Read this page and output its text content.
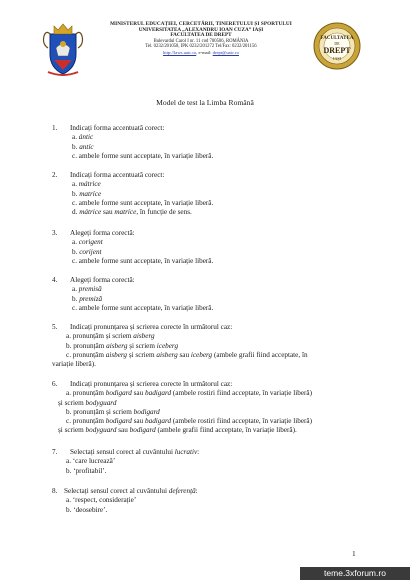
MINISTERUL EDUCAȚIEI, CERCETĂRII, TINERETULUI ȘI SPORTULUI
UNIVERSITATEA „ALEXANDRU IOAN CUZA” IAȘI
FACULTATEA DE DREPT
Bulevardul Carol I nr. 11 cod 700506, ROMÂNIA
Tel. 0232/201058, IPK 0232/201272 Tel/Fax: 0232/201156
http://laws.uaic.ro, e-mail: drept@uaic.ro
FACULTATEA
DE
DREPT
IAȘI
Model de test la Limba Română
1. Indicați forma accentuată corect:
a. ántic
b. antíc
c. ambele forme sunt acceptate, în variație liberă.
2. Indicați forma accentuată corect:
a. mátrice
b. matríce
c. ambele forme sunt acceptate, în variație liberă.
d. mátrice sau matríce, în funcție de sens.
3. Alegeți forma corectă:
a. corigent
b. corijent
c. ambele forme sunt acceptate, în variație liberă.
4. Alegeți forma corectă:
a. premisă
b. premiză
c. ambele forme sunt acceptate, în variație liberă.
5. Indicați pronunțarea și scrierea corecte în următorul caz:
a. pronunțăm și scriem aisberg
b. pronunțăm aisberg și scriem iceberg
c. pronunțăm aisberg și scriem aisberg sau iceberg (ambele grafii fiind acceptate, în
variație liberă).
6. Indicați pronunțarea și scrierea corecte în următorul caz:
a. pronunțăm bodigard sau badigard (ambele rostiri fiind acceptate, în variație liberă)
și scriem bodyguard
b. pronunțăm și scriem bodigard
c. pronunțăm bodigard sau badigard (ambele rostiri fiind acceptate, în variație liberă)
și scriem bodyguard sau bodigard (ambele grafii fiind acceptate, în variație liberă).
7. Selectați sensul corect al cuvântului lucrativ:
a. ‘care lucrează’
b. ‘profitabil’.
8. Selectați sensul corect al cuvântului deferență:
a. ‘respect, considerație’
b. ‘deosebire’.
1
teme.3xforum.ro
